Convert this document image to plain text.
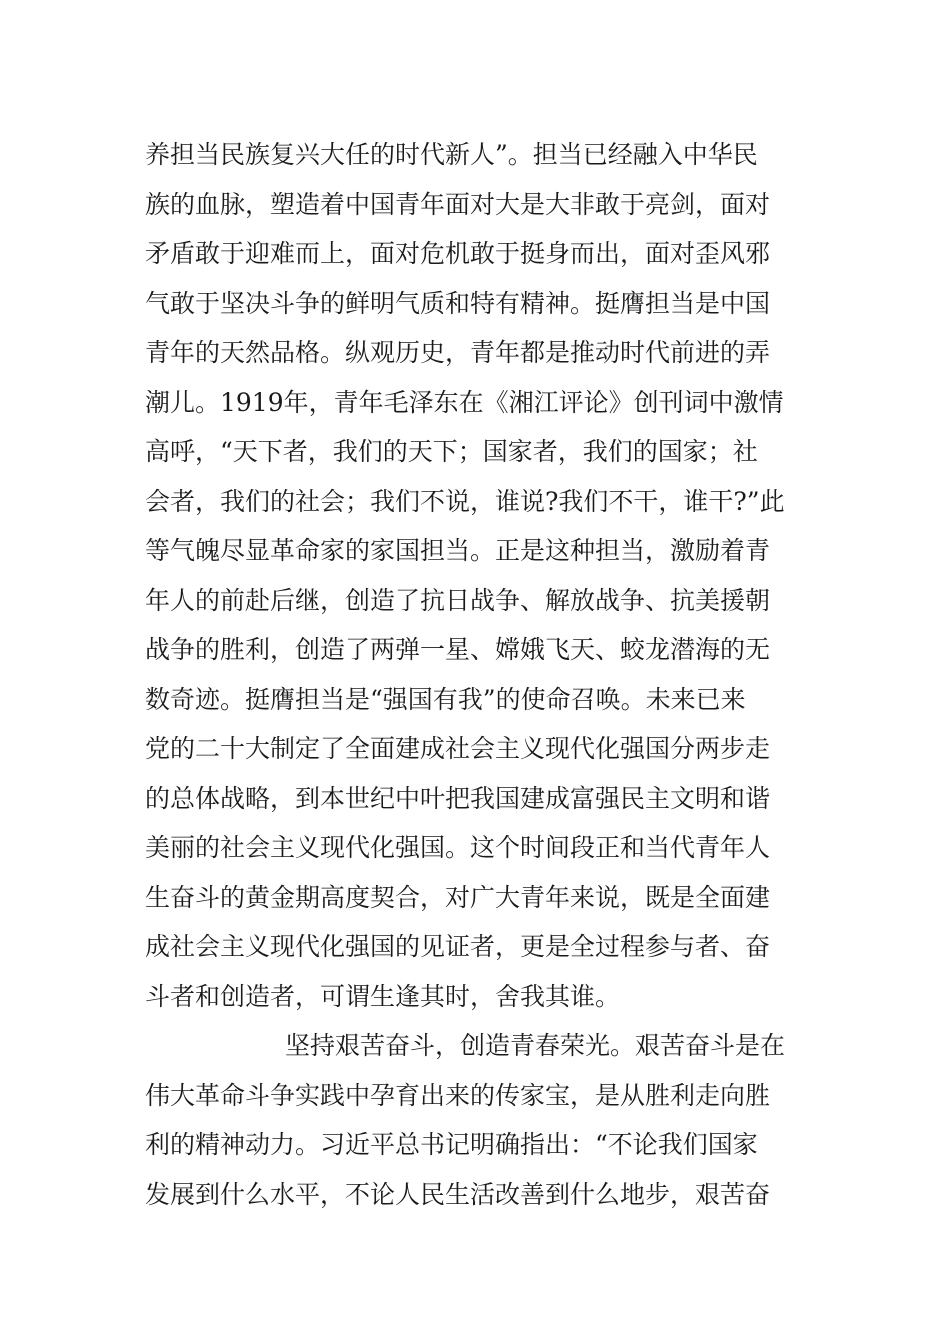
养担当民族复兴大任的时代新人”。担当已经融入中华民
族的血脉，塑造着中国青年面对大是大非敢于亮剑，面对
矛盾敢于迎难而上，面对危机敢于挺身而出，面对歪风邪
气敢于坚决斗争的鲜明气质和特有精神。挺膺担当是中国
青年的天然品格。纵观历史，青年都是推动时代前进的弄
潮儿。1919年，青年毛泽东在《湘江评论》创刊词中激情
高呼，“天下者，我们的天下；国家者，我们的国家；社
会者，我们的社会；我们不说，谁说?我们不干，谁干?”此
等气魄尽显革命家的家国担当。正是这种担当，激励着青
年人的前赴后继，创造了抗日战争、解放战争、抗美援朝
战争的胜利，创造了两弹一星、嫦娥飞天、蛟龙潜海的无
数奇迹。挺膺担当是“强国有我”的使命召唤。未来已来
党的二十大制定了全面建成社会主义现代化强国分两步走
的总体战略，到本世纪中叶把我国建成富强民主文明和谐
美丽的社会主义现代化强国。这个时间段正和当代青年人
生奋斗的黄金期高度契合，对广大青年来说，既是全面建
成社会主义现代化强国的见证者，更是全过程参与者、奋
斗者和创造者，可谓生逢其时，舍我其谁。
坚持艰苦奋斗，创造青春荣光。艰苦奋斗是在
伟大革命斗争实践中孕育出来的传家宝，是从胜利走向胜
利的精神动力。习近平总书记明确指出：“不论我们国家
发展到什么水平，不论人民生活改善到什么地步，艰苦奋
